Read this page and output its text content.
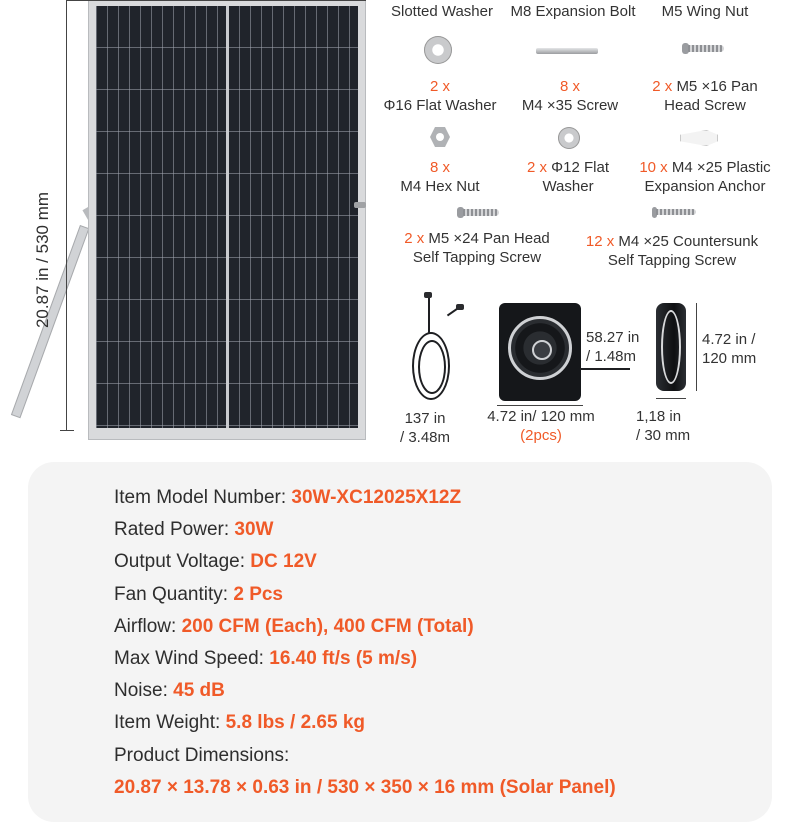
20.87 in / 530 mm
Slotted Washer	M8 Expansion Bolt	M5 Wing Nut
2 x
Φ16 Flat Washer
8 x
M4 ×35 Screw
2 x M5 ×16 Pan
Head Screw
8 x
M4 Hex Nut
2 x Φ12 Flat
Washer
10 x M4 ×25 Plastic
Expansion Anchor
2 x M5 ×24 Pan Head
Self Tapping Screw
12 x M4 ×25 Countersunk
Self Tapping Screw
137 in
/ 3.48m
58.27 in
/ 1.48m
4.72 in/ 120 mm
(2pcs)
4.72 in /
120 mm
1,18 in
/ 30 mm
Item Model Number: 30W-XC12025X12Z
Rated Power: 30W
Output Voltage: DC 12V
Fan Quantity: 2 Pcs
Airflow: 200 CFM (Each), 400 CFM (Total)
Max Wind Speed: 16.40 ft/s (5 m/s)
Noise: 45 dB
Item Weight: 5.8 lbs / 2.65 kg
Product Dimensions:
20.87 × 13.78 × 0.63 in / 530 × 350 × 16 mm (Solar Panel)
